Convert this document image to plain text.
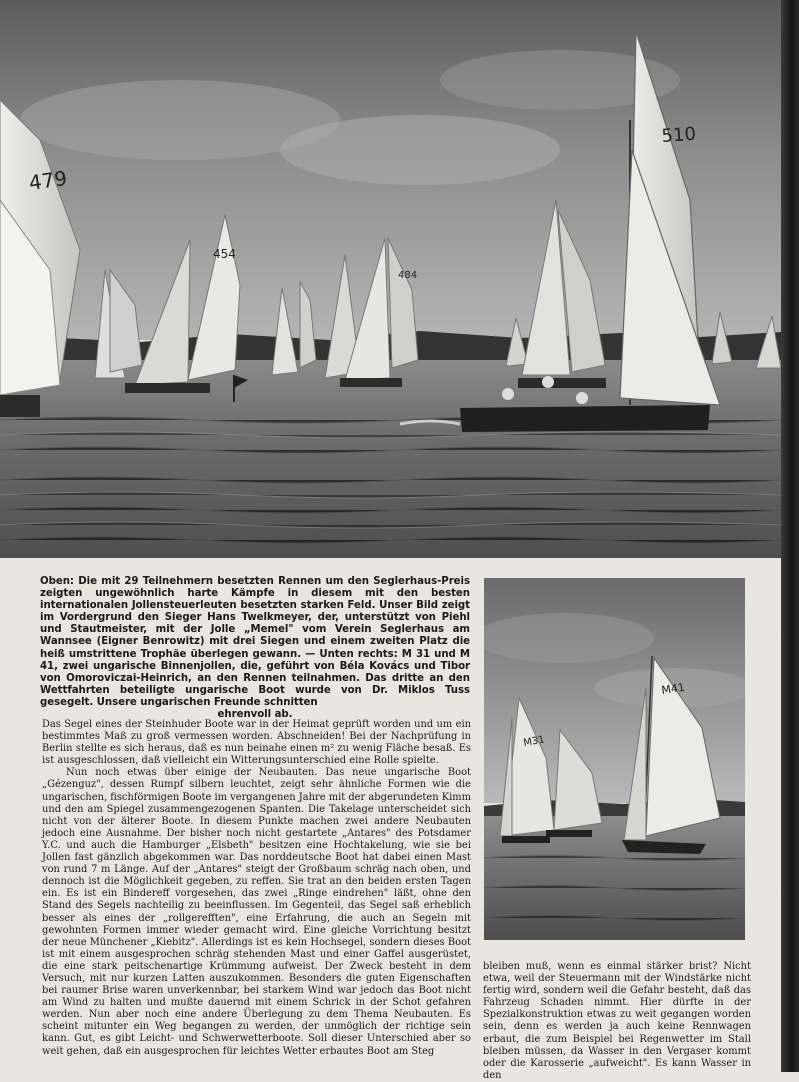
479
454
484
510
Oben: Die mit 29 Teilnehmern besetzten Rennen um den Seglerhaus-Preis zeigten ungewöhnlich harte Kämpfe in diesem mit den besten internationalen Jollensteuerleuten besetzten starken Feld. Unser Bild zeigt im Vordergrund den Sieger Hans Twelkmeyer, der, unterstützt von Piehl und Stautmeister, mit der Jolle „Memel" vom Verein Seglerhaus am Wannsee (Eigner Benrowitz) mit drei Siegen und einem zweiten Platz die heiß umstrittene Trophäe überlegen gewann. — Unten rechts: M 31 und M 41, zwei ungarische Binnenjollen, die, geführt von Béla Kovács und Tibor von Omoroviczai-Heinrich, an den Rennen teilnahmen. Das dritte an den Wettfahrten beteiligte ungarische Boot wurde von Dr. Miklos Tuss gesegelt. Unsere ungarischen Freunde schnitten
ehrenvoll ab.

Das Segel eines der Steinhuder Boote war in der Heimat geprüft worden und um ein bestimmtes Maß zu groß vermessen worden. Abschneiden! Bei der Nachprüfung in Berlin stellte es sich heraus, daß es nun beinahe einen m² zu wenig Fläche besaß. Es ist ausgeschlossen, daß vielleicht ein Witterungsunterschied eine Rolle spielte.

Nun noch etwas über einige der Neubauten. Das neue ungarische Boot „Gézenguz", dessen Rumpf silbern leuchtet, zeigt sehr ähnliche Formen wie die ungarischen, fischförmigen Boote im vergangenen Jahre mit der abgerundeten Kimm und den am Spiegel zusammengezogenen Spanten. Die Takelage unterscheidet sich nicht von der älterer Boote. In diesem Punkte machen zwei andere Neubauten jedoch eine Ausnahme. Der bisher noch nicht gestartete „Antares" des Potsdamer Y.C. und auch die Hamburger „Elsbeth" besitzen eine Hochtakelung, wie sie bei Jollen fast gänzlich abgekommen war. Das norddeutsche Boot hat dabei einen Mast von rund 7 m Länge. Auf der „Antares" steigt der Großbaum schräg nach oben, und dennoch ist die Möglichkeit gegeben, zu reffen. Sie trat an den beiden ersten Tagen ein. Es ist ein Bindereff vorgesehen, das zwei „Ringe eindrehen" läßt, ohne den Stand des Segels nachteilig zu beeinflussen. Im Gegenteil, das Segel saß erheblich besser als eines der „rollgerefften", eine Erfahrung, die auch an Segeln mit gewohnten Formen immer wieder gemacht wird. Eine gleiche Vorrichtung besitzt der neue Münchener „Kiebitz". Allerdings ist es kein Hochsegel, sondern dieses Boot ist mit einem ausgesprochen schräg stehenden Mast und einer Gaffel ausgerüstet, die eine stark peitschenartige Krümmung aufweist. Der Zweck besteht in dem Versuch, mit nur kurzen Latten auszukommen. Besonders die guten Eigenschaften bei raumer Brise waren unverkennbar, bei starkem Wind war jedoch das Boot nicht am Wind zu halten und mußte dauernd mit einem Schrick in der Schot gefahren werden. Nun aber noch eine andere Überlegung zu dem Thema Neubauten. Es scheint mitunter ein Weg begangen zu werden, der unmöglich der richtige sein kann. Gut, es gibt Leicht- und Schwerwetterboote. Soll dieser Unterschied aber so weit gehen, daß ein ausgesprochen für leichtes Wetter erbautes Boot am Steg

M31
M41

bleiben muß, wenn es einmal stärker brist? Nicht etwa, weil der Steuermann mit der Windstärke nicht fertig wird, sondern weil die Gefahr besteht, daß das Fahrzeug Schaden nimmt. Hier dürfte in der Spezialkonstruktion etwas zu weit gegangen worden sein, denn es werden ja auch keine Rennwagen erbaut, die zum Beispiel bei Regenwetter im Stall bleiben müssen, da Wasser in den Vergaser kommt oder die Karosserie „aufweicht". Es kann Wasser in den
